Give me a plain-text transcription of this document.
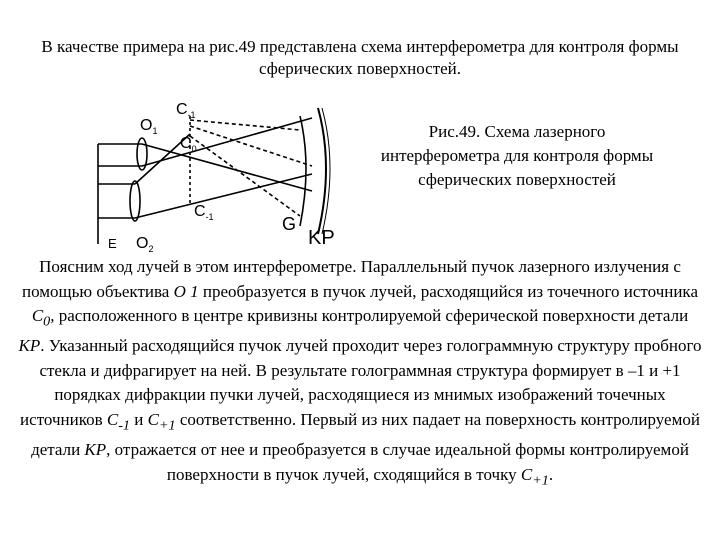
В качестве примера на рис.49 представлена схема интерферометра для контроля формы сферических поверхностей.
$O_1$
$C_{-1}$
$C_0$
$C_{-1}$	G
KP
E $O_2$
Рис.49. Схема лазерного интерферометра для контроля формы сферических поверхностей
Поясним ход лучей в этом интерферометре. Параллельный пучок лазерного излучения с помощью объектива O 1 преобразуется в пучок лучей, расходящийся из точечного источника $C_0$, расположенного в центре кривизны контролируемой сферической поверхности детали KP. Указанный расходящийся пучок лучей проходит через голограммную структуру пробного стекла и дифрагирует на ней. В результате голограммная структура формирует в –1 и +1 порядках дифракции пучки лучей, расходящиеся из мнимых изображений точечных источников $C_{-1}$ и $C_{+1}$ соответственно. Первый из них падает на поверхность контролируемой детали KP, отражается от нее и преобразуется в случае идеальной формы контролируемой поверхности в пучок лучей, сходящийся в точку $C_{+1}$.
